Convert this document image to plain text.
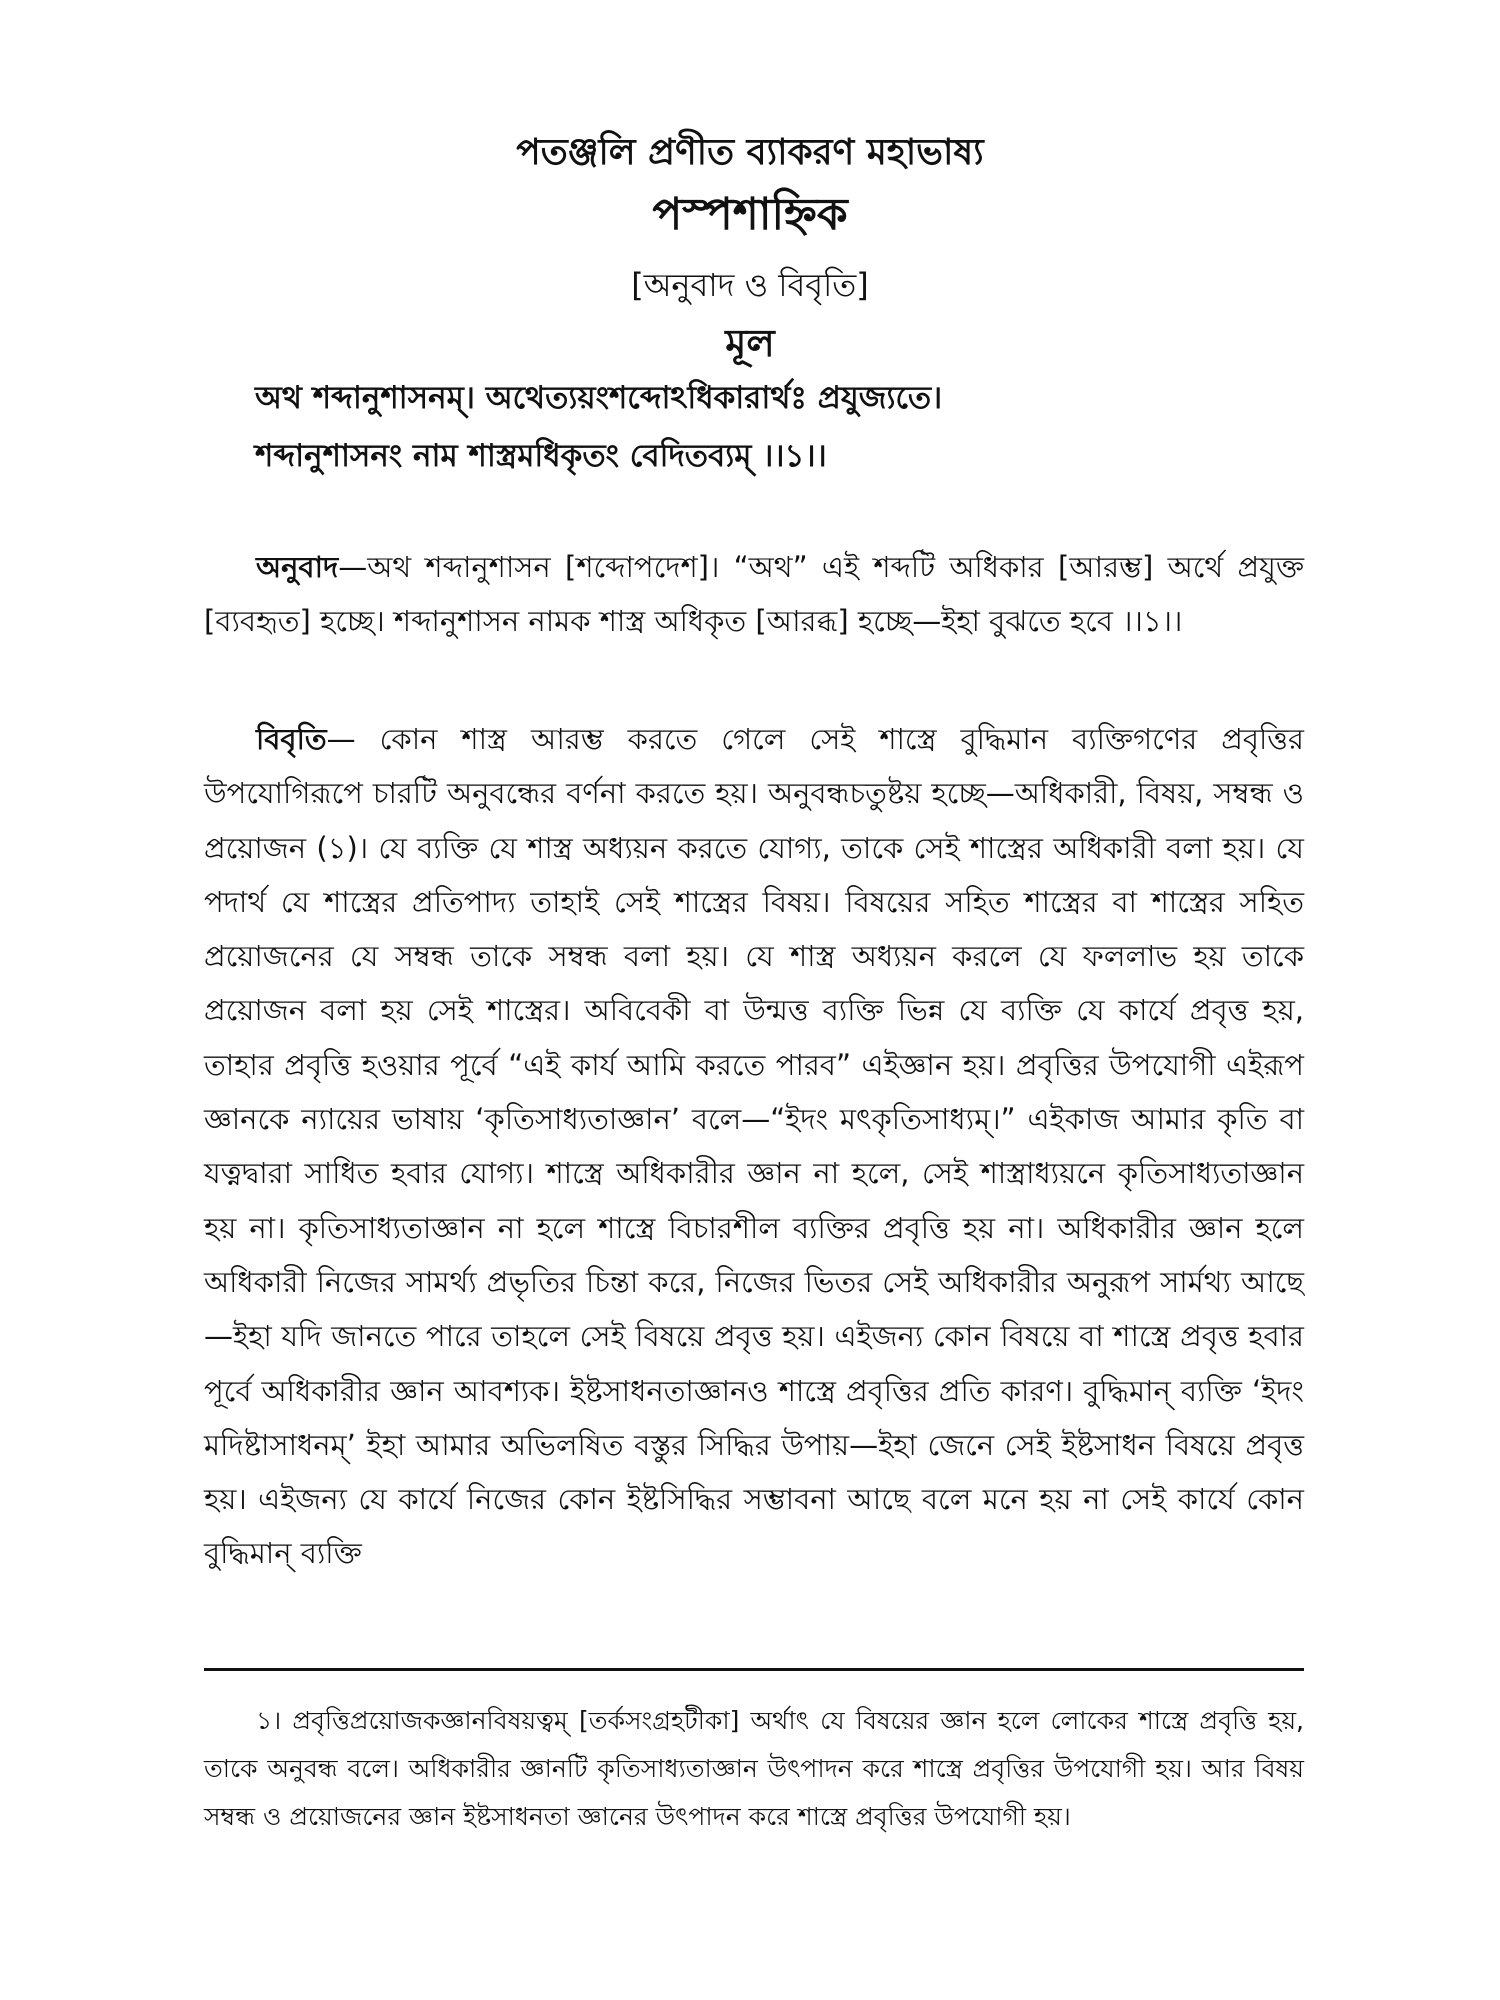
পতঞ্জলি প্রণীত ব্যাকরণ মহাভাষ্য
পস্পশাহ্নিক
[অনুবাদ ও বিবৃতি]
মূল
অথ শব্দানুশাসনম্। অথেত্যয়ংশব্দোঽধিকারার্থঃ প্রযুজ্যতে।
শব্দানুশাসনং নাম শাস্ত্রমধিকৃতং বেদিতব্যম্ ।।১।।

অনুবাদ—অথ শব্দানুশাসন [শব্দোপদেশ]। “অথ” এই শব্দটি অধিকার [আরম্ভ] অর্থে প্রযুক্ত [ব্যবহৃত] হচ্ছে। শব্দানুশাসন নামক শাস্ত্র অধিকৃত [আরব্ধ] হচ্ছে—ইহা বুঝতে হবে ।।১।।

বিবৃতি— কোন শাস্ত্র আরম্ভ করতে গেলে সেই শাস্ত্রে বুদ্ধিমান ব্যক্তিগণের প্রবৃত্তির উপযোগিরূপে চারটি অনুবন্ধের বর্ণনা করতে হয়। অনুবন্ধচতুষ্টয় হচ্ছে—অধিকারী, বিষয়, সম্বন্ধ ও প্রয়োজন (১)। যে ব্যক্তি যে শাস্ত্র অধ্যয়ন করতে যোগ্য, তাকে সেই শাস্ত্রের অধিকারী বলা হয়। যে পদার্থ যে শাস্ত্রের প্রতিপাদ্য তাহাই সেই শাস্ত্রের বিষয়। বিষয়ের সহিত শাস্ত্রের বা শাস্ত্রের সহিত প্রয়োজনের যে সম্বন্ধ তাকে সম্বন্ধ বলা হয়। যে শাস্ত্র অধ্যয়ন করলে যে ফললাভ হয় তাকে প্রয়োজন বলা হয় সেই শাস্ত্রের। অবিবেকী বা উন্মত্ত ব্যক্তি ভিন্ন যে ব্যক্তি যে কার্যে প্রবৃত্ত হয়, তাহার প্রবৃত্তি হওয়ার পূর্বে “এই কার্য আমি করতে পারব” এইজ্ঞান হয়। প্রবৃত্তির উপযোগী এইরূপ জ্ঞানকে ন্যায়ের ভাষায় ‘কৃতিসাধ্যতাজ্ঞান’ বলে—“ইদং মৎকৃতিসাধ্যম্।” এইকাজ আমার কৃতি বা যত্নদ্বারা সাধিত হবার যোগ্য। শাস্ত্রে অধিকারীর জ্ঞান না হলে, সেই শাস্ত্রাধ্যয়নে কৃতিসাধ্যতাজ্ঞান হয় না। কৃতিসাধ্যতাজ্ঞান না হলে শাস্ত্রে বিচারশীল ব্যক্তির প্রবৃত্তি হয় না। অধিকারীর জ্ঞান হলে অধিকারী নিজের সামর্থ্য প্রভৃতির চিন্তা করে, নিজের ভিতর সেই অধিকারীর অনুরূপ সার্মথ্য আছে—ইহা যদি জানতে পারে তাহলে সেই বিষয়ে প্রবৃত্ত হয়। এইজন্য কোন বিষয়ে বা শাস্ত্রে প্রবৃত্ত হবার পূর্বে অধিকারীর জ্ঞান আবশ্যক। ইষ্টসাধনতাজ্ঞানও শাস্ত্রে প্রবৃত্তির প্রতি কারণ। বুদ্ধিমান্ ব্যক্তি ‘ইদং মদিষ্টাসাধনম্’ ইহা আমার অভিলষিত বস্তুর সিদ্ধির উপায়—ইহা জেনে সেই ইষ্টসাধন বিষয়ে প্রবৃত্ত হয়। এইজন্য যে কার্যে নিজের কোন ইষ্টসিদ্ধির সম্ভাবনা আছে বলে মনে হয় না সেই কার্যে কোন বুদ্ধিমান্ ব্যক্তি

১। প্রবৃত্তিপ্রয়োজকজ্ঞানবিষয়ত্বম্ [তর্কসংগ্রহটীকা] অর্থাৎ যে বিষয়ের জ্ঞান হলে লোকের শাস্ত্রে প্রবৃত্তি হয়, তাকে অনুবন্ধ বলে। অধিকারীর জ্ঞানটি কৃতিসাধ্যতাজ্ঞান উৎপাদন করে শাস্ত্রে প্রবৃত্তির উপযোগী হয়। আর বিষয় সম্বন্ধ ও প্রয়োজনের জ্ঞান ইষ্টসাধনতা জ্ঞানের উৎপাদন করে শাস্ত্রে প্রবৃত্তির উপযোগী হয়।
